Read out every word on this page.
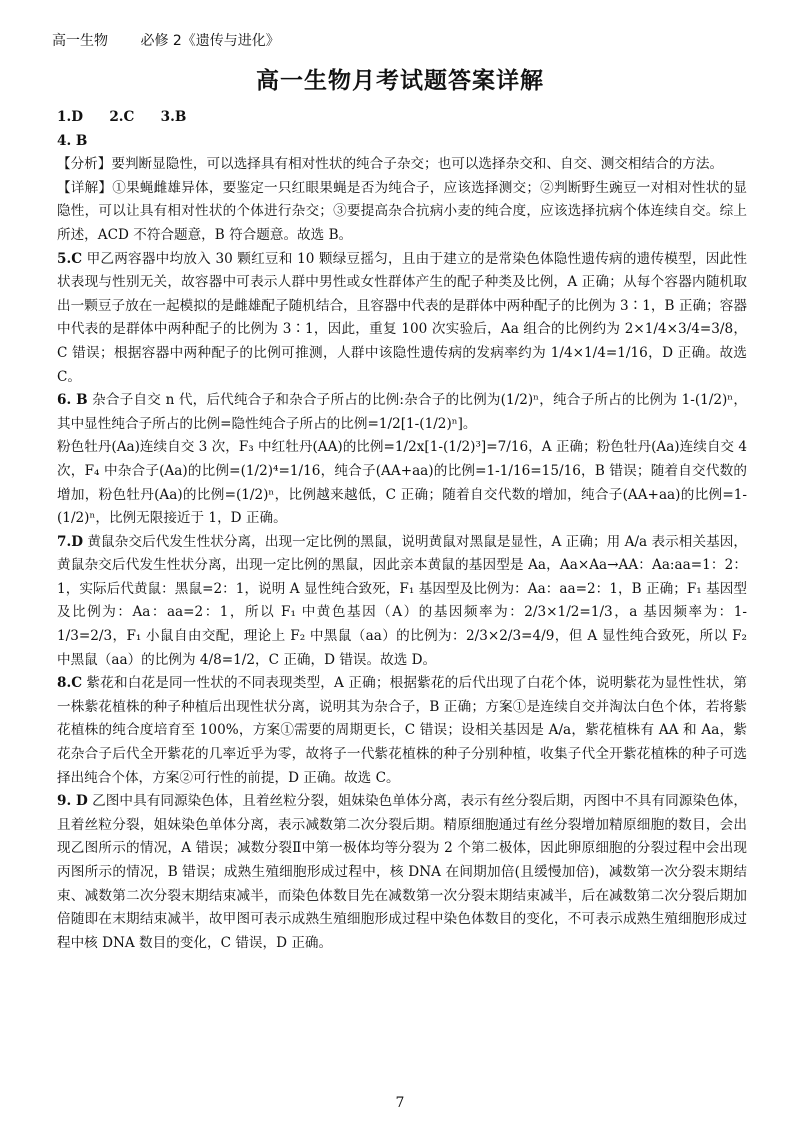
高一生物 必修 2《遗传与进化》
高一生物月考试题答案详解

1.D 2.C 3.B

4. B

【分析】要判断显隐性，可以选择具有相对性状的纯合子杂交；也可以选择杂交和、自交、测交相结合的方法。

【详解】①果蝇雌雄异体，要鉴定一只红眼果蝇是否为纯合子，应该选择测交；②判断野生豌豆一对相对性状的显隐性，可以让具有相对性状的个体进行杂交；③要提高杂合抗病小麦的纯合度，应该选择抗病个体连续自交。综上所述，ACD 不符合题意，B 符合题意。故选 B。

5.C 甲乙两容器中均放入 30 颗红豆和 10 颗绿豆摇匀，且由于建立的是常染色体隐性遗传病的遗传模型，因此性状表现与性别无关，故容器中可表示人群中男性或女性群体产生的配子种类及比例，A 正确；从每个容器内随机取出一颗豆子放在一起模拟的是雌雄配子随机结合，且容器中代表的是群体中两种配子的比例为 3∶1，B 正确；容器中代表的是群体中两种配子的比例为 3∶1，因此，重复 100 次实验后，Aa 组合的比例约为 2×1/4×3/4=3/8，C 错误；根据容器中两种配子的比例可推测，人群中该隐性遗传病的发病率约为 1/4×1/4=1/16，D 正确。故选 C。

6. B 杂合子自交 n 代，后代纯合子和杂合子所占的比例:杂合子的比例为(1/2)ⁿ，纯合子所占的比例为 1-(1/2)ⁿ，其中显性纯合子所占的比例=隐性纯合子所占的比例=1/2[1-(1/2)ⁿ]。

粉色牡丹(Aa)连续自交 3 次，F₃ 中红牡丹(AA)的比例=1/2x[1-(1/2)³]=7/16，A 正确；粉色牡丹(Aa)连续自交 4 次，F₄ 中杂合子(Aa)的比例=(1/2)⁴=1/16，纯合子(AA+aa)的比例=1-1/16=15/16，B 错误；随着自交代数的增加，粉色牡丹(Aa)的比例=(1/2)ⁿ，比例越来越低，C 正确；随着自交代数的增加，纯合子(AA+aa)的比例=1-(1/2)ⁿ，比例无限接近于 1，D 正确。

7.D 黄鼠杂交后代发生性状分离，出现一定比例的黑鼠，说明黄鼠对黑鼠是显性，A 正确；用 A/a 表示相关基因，黄鼠杂交后代发生性状分离，出现一定比例的黑鼠，因此亲本黄鼠的基因型是 Aa，Aa×Aa→AA：Aa:aa=1：2：1，实际后代黄鼠：黑鼠=2：1，说明 A 显性纯合致死，F₁ 基因型及比例为：Aa：aa=2：1，B 正确；F₁ 基因型及比例为：Aa：aa=2：1，所以 F₁ 中黄色基因（A）的基因频率为：2/3×1/2=1/3，a 基因频率为：1-1/3=2/3，F₁ 小鼠自由交配，理论上 F₂ 中黑鼠（aa）的比例为：2/3×2/3=4/9，但 A 显性纯合致死，所以 F₂ 中黑鼠（aa）的比例为 4/8=1/2，C 正确，D 错误。故选 D。

8.C 紫花和白花是同一性状的不同表现类型，A 正确；根据紫花的后代出现了白花个体，说明紫花为显性性状，第一株紫花植株的种子种植后出现性状分离，说明其为杂合子，B 正确；方案①是连续自交并淘汰白色个体，若将紫花植株的纯合度培育至 100%，方案①需要的周期更长，C 错误；设相关基因是 A/a，紫花植株有 AA 和 Aa，紫花杂合子后代全开紫花的几率近乎为零，故将子一代紫花植株的种子分别种植，收集子代全开紫花植株的种子可选择出纯合个体，方案②可行性的前提，D 正确。故选 C。

9. D 乙图中具有同源染色体，且着丝粒分裂，姐妹染色单体分离，表示有丝分裂后期，丙图中不具有同源染色体，且着丝粒分裂，姐妹染色单体分离，表示减数第二次分裂后期。精原细胞通过有丝分裂增加精原细胞的数目，会出现乙图所示的情况，A 错误；减数分裂Ⅱ中第一极体均等分裂为 2 个第二极体，因此卵原细胞的分裂过程中会出现丙图所示的情况，B 错误；成熟生殖细胞形成过程中，核 DNA 在间期加倍(且缓慢加倍)，减数第一次分裂末期结束、减数第二次分裂末期结束减半，而染色体数目先在减数第一次分裂末期结束减半，后在减数第二次分裂后期加倍随即在末期结束减半，故甲图可表示成熟生殖细胞形成过程中染色体数目的变化，不可表示成熟生殖细胞形成过程中核 DNA 数目的变化，C 错误，D 正确。

7
